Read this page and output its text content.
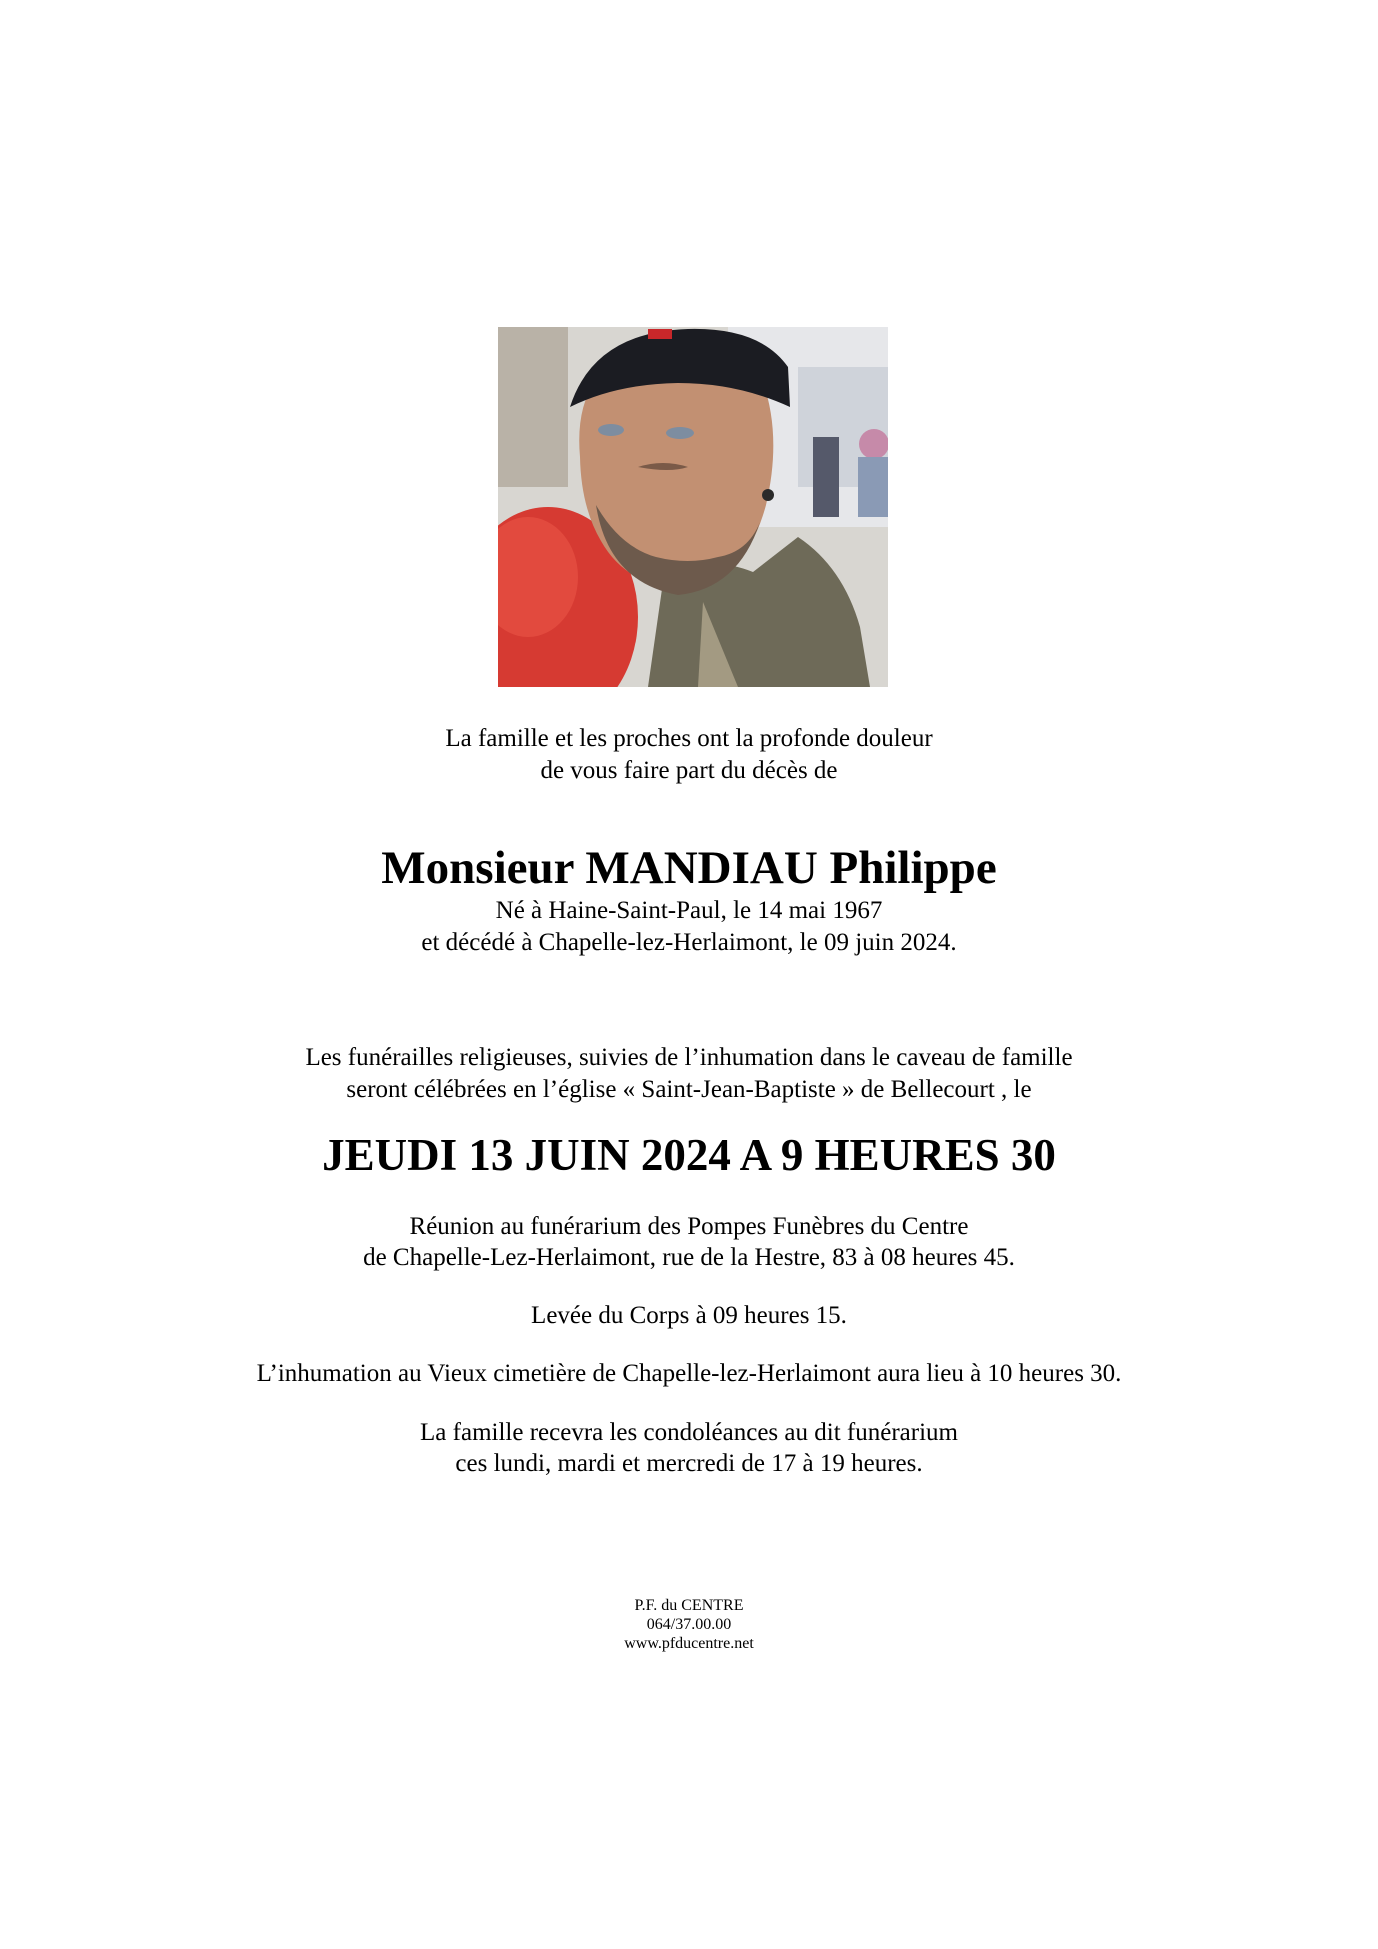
La famille et les proches ont la profonde douleur
de vous faire part du décès de
Monsieur MANDIAU Philippe
Né à Haine-Saint-Paul, le 14 mai 1967
et décédé à Chapelle-lez-Herlaimont, le 09 juin 2024.
Les funérailles religieuses, suivies de l’inhumation dans le caveau de famille
seront célébrées en l’église « Saint-Jean-Baptiste » de Bellecourt , le
JEUDI 13 JUIN 2024 A 9 HEURES 30
Réunion au funérarium des Pompes Funèbres du Centre
de Chapelle-Lez-Herlaimont, rue de la Hestre, 83 à 08 heures 45.
Levée du Corps à 09 heures 15.
L’inhumation au Vieux cimetière de Chapelle-lez-Herlaimont aura lieu à 10 heures 30.
La famille recevra les condoléances au dit funérarium
ces lundi, mardi et mercredi de 17 à 19 heures.
P.F. du CENTRE
064/37.00.00
www.pfducentre.net
